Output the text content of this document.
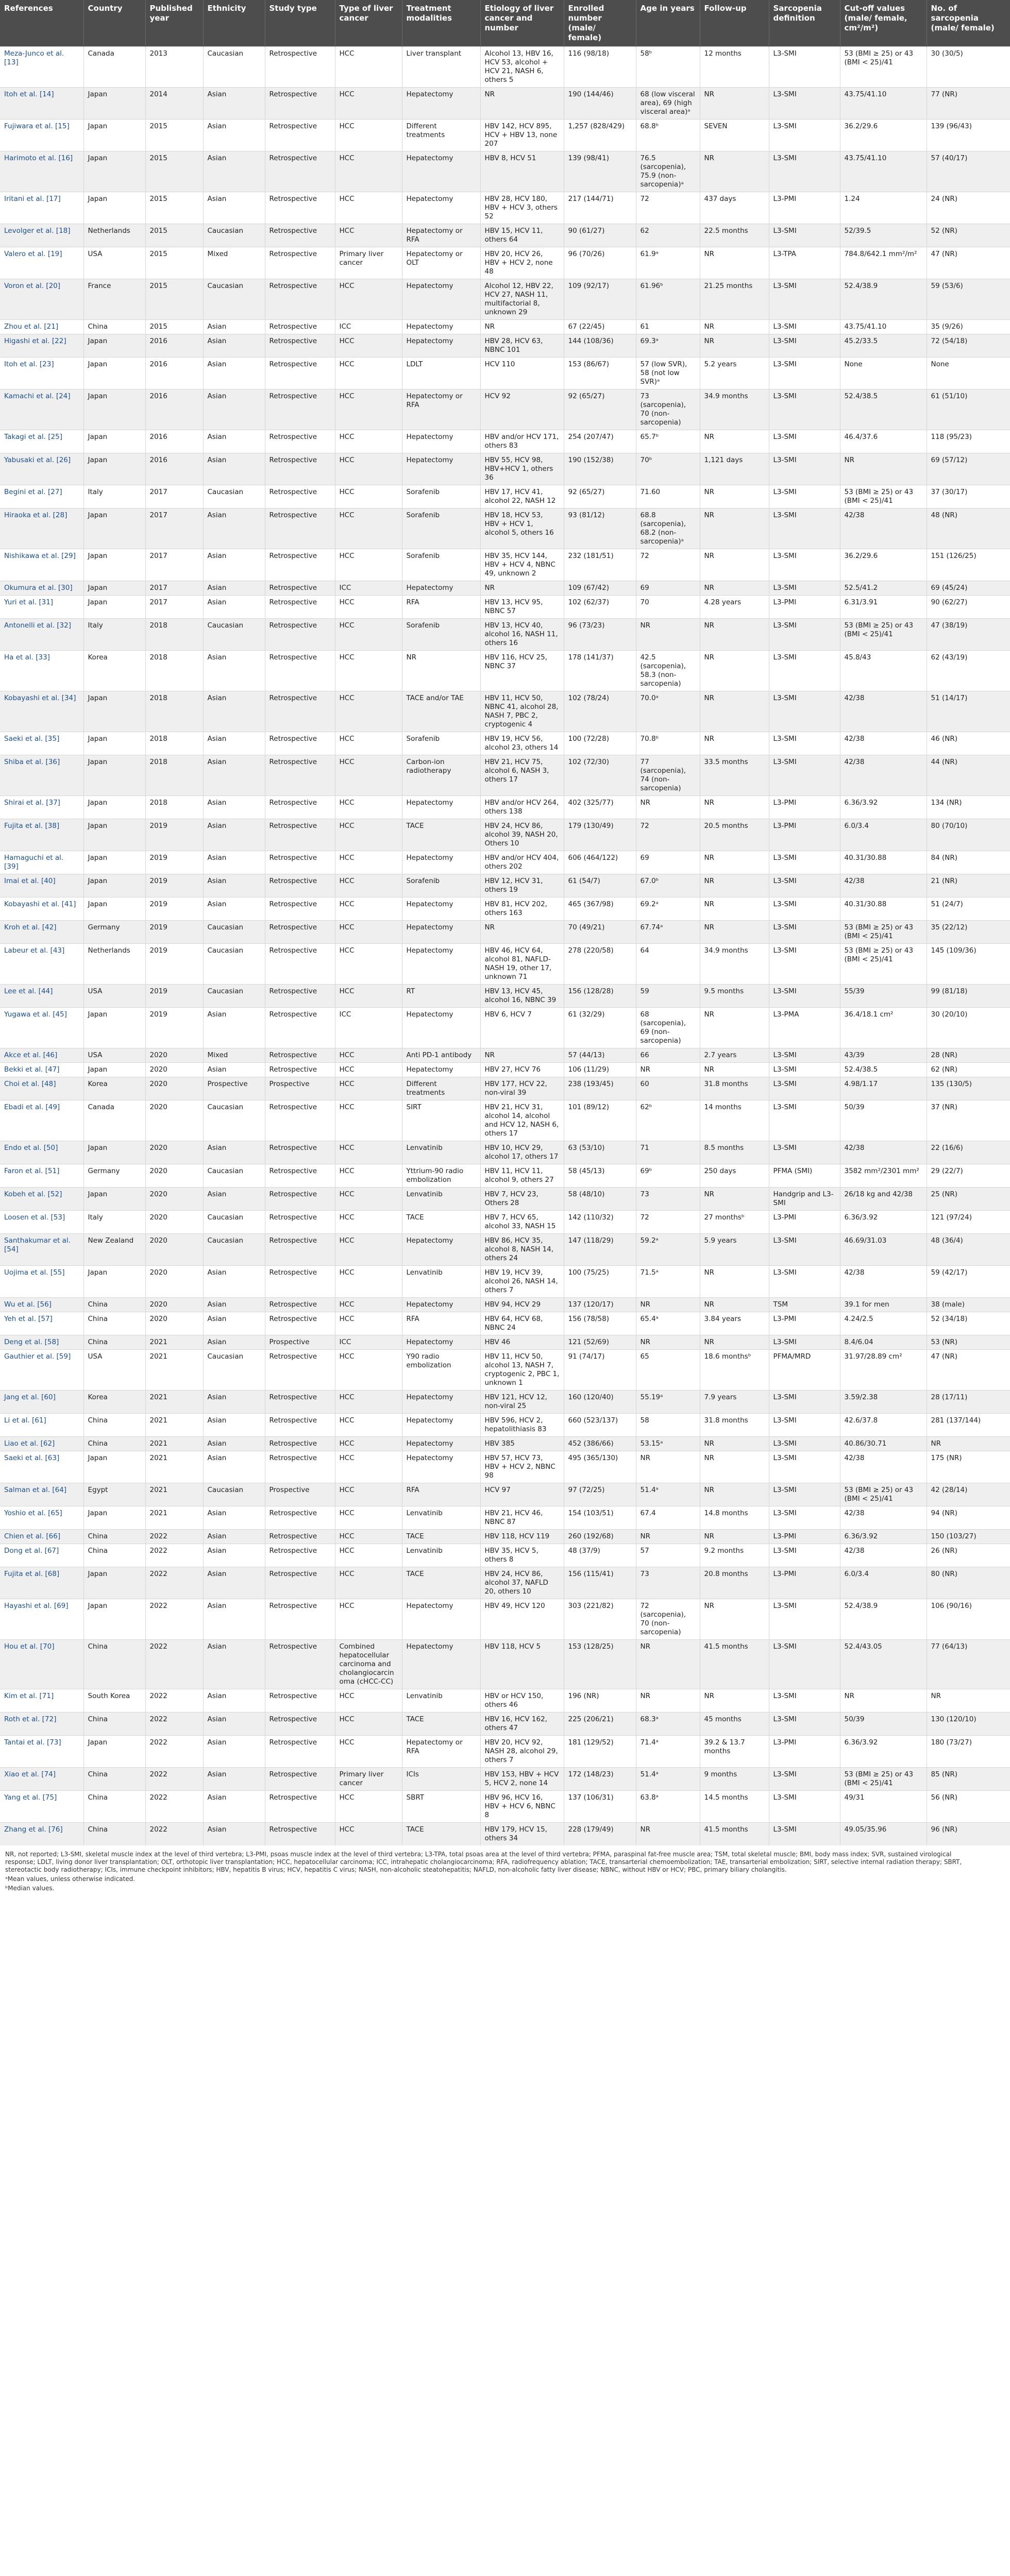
References	Country	Published year	Ethnicity	Study type	Type of liver cancer	Treatment modalities	Etiology of liver cancer and number	Enrolled number (male/ female)	Age in years	Follow-up	Sarcopenia definition	Cut-off values (male/ female, cm²/m²)	No. of sarcopenia (male/ female)
Meza-Junco et al. [13]	Canada	2013	Caucasian	Retrospective	HCC	Liver transplant	Alcohol 13, HBV 16, HCV 53, alcohol + HCV 21, NASH 6, others 5	116 (98/18)	58ᵇ	12 months	L3-SMI	53 (BMI ≥ 25) or 43 (BMI < 25)/41	30 (30/5)
Itoh et al. [14]	Japan	2014	Asian	Retrospective	HCC	Hepatectomy	NR	190 (144/46)	68 (low visceral area), 69 (high visceral area)ᵃ	NR	L3-SMI	43.75/41.10	77 (NR)
Fujiwara et al. [15]	Japan	2015	Asian	Retrospective	HCC	Different treatments	HBV 142, HCV 895, HCV + HBV 13, none 207	1,257 (828/429)	68.8ᵇ	SEVEN	L3-SMI	36.2/29.6	139 (96/43)
Harimoto et al. [16]	Japan	2015	Asian	Retrospective	HCC	Hepatectomy	HBV 8, HCV 51	139 (98/41)	76.5 (sarcopenia), 75.9 (non-sarcopenia)ᵃ	NR	L3-SMI	43.75/41.10	57 (40/17)
Iritani et al. [17]	Japan	2015	Asian	Retrospective	HCC	Hepatectomy	HBV 28, HCV 180, HBV + HCV 3, others 52	217 (144/71)	72	437 days	L3-PMI	1.24	24 (NR)
Levolger et al. [18]	Netherlands	2015	Caucasian	Retrospective	HCC	Hepatectomy or RFA	HBV 15, HCV 11, others 64	90 (61/27)	62	22.5 months	L3-SMI	52/39.5	52 (NR)
Valero et al. [19]	USA	2015	Mixed	Retrospective	Primary liver cancer	Hepatectomy or OLT	HBV 20, HCV 26, HBV + HCV 2, none 48	96 (70/26)	61.9ᵃ	NR	L3-TPA	784.8/642.1 mm²/m²	47 (NR)
Voron et al. [20]	France	2015	Caucasian	Retrospective	HCC	Hepatectomy	Alcohol 12, HBV 22, HCV 27, NASH 11, multifactorial 8, unknown 29	109 (92/17)	61.96ᵇ	21.25 months	L3-SMI	52.4/38.9	59 (53/6)
Zhou et al. [21]	China	2015	Asian	Retrospective	ICC	Hepatectomy	NR	67 (22/45)	61	NR	L3-SMI	43.75/41.10	35 (9/26)
Higashi et al. [22]	Japan	2016	Asian	Retrospective	HCC	Hepatectomy	HBV 28, HCV 63, NBNC 101	144 (108/36)	69.3ᵃ	NR	L3-SMI	45.2/33.5	72 (54/18)
Itoh et al. [23]	Japan	2016	Asian	Retrospective	HCC	LDLT	HCV 110	153 (86/67)	57 (low SVR), 58 (not low SVR)ᵃ	5.2 years	L3-SMI	None	None
Kamachi et al. [24]	Japan	2016	Asian	Retrospective	HCC	Hepatectomy or RFA	HCV 92	92 (65/27)	73 (sarcopenia), 70 (non-sarcopenia)	34.9 months	L3-SMI	52.4/38.5	61 (51/10)
Takagi et al. [25]	Japan	2016	Asian	Retrospective	HCC	Hepatectomy	HBV and/or HCV 171, others 83	254 (207/47)	65.7ᵇ	NR	L3-SMI	46.4/37.6	118 (95/23)
Yabusaki et al. [26]	Japan	2016	Asian	Retrospective	HCC	Hepatectomy	HBV 55, HCV 98, HBV+HCV 1, others 36	190 (152/38)	70ᵇ	1,121 days	L3-SMI	NR	69 (57/12)
Begini et al. [27]	Italy	2017	Caucasian	Retrospective	HCC	Sorafenib	HBV 17, HCV 41, alcohol 22, NASH 12	92 (65/27)	71.60	NR	L3-SMI	53 (BMI ≥ 25) or 43 (BMI < 25)/41	37 (30/17)
Hiraoka et al. [28]	Japan	2017	Asian	Retrospective	HCC	Sorafenib	HBV 18, HCV 53, HBV + HCV 1, alcohol 5, others 16	93 (81/12)	68.8 (sarcopenia), 68.2 (non-sarcopenia)ᵃ	NR	L3-SMI	42/38	48 (NR)
Nishikawa et al. [29]	Japan	2017	Asian	Retrospective	HCC	Sorafenib	HBV 35, HCV 144, HBV + HCV 4, NBNC 49, unknown 2	232 (181/51)	72	NR	L3-SMI	36.2/29.6	151 (126/25)
Okumura et al. [30]	Japan	2017	Asian	Retrospective	ICC	Hepatectomy	NR	109 (67/42)	69	NR	L3-SMI	52.5/41.2	69 (45/24)
Yuri et al. [31]	Japan	2017	Asian	Retrospective	HCC	RFA	HBV 13, HCV 95, NBNC 57	102 (62/37)	70	4.28 years	L3-PMI	6.31/3.91	90 (62/27)
Antonelli et al. [32]	Italy	2018	Caucasian	Retrospective	HCC	Sorafenib	HBV 13, HCV 40, alcohol 16, NASH 11, others 16	96 (73/23)	NR	NR	L3-SMI	53 (BMI ≥ 25) or 43 (BMI < 25)/41	47 (38/19)
Ha et al. [33]	Korea	2018	Asian	Retrospective	HCC	NR	HBV 116, HCV 25, NBNC 37	178 (141/37)	42.5 (sarcopenia), 58.3 (non-sarcopenia)	NR	L3-SMI	45.8/43	62 (43/19)
Kobayashi et al. [34]	Japan	2018	Asian	Retrospective	HCC	TACE and/or TAE	HBV 11, HCV 50, NBNC 41, alcohol 28, NASH 7, PBC 2, cryptogenic 4	102 (78/24)	70.0ᵃ	NR	L3-SMI	42/38	51 (14/17)
Saeki et al. [35]	Japan	2018	Asian	Retrospective	HCC	Sorafenib	HBV 19, HCV 56, alcohol 23, others 14	100 (72/28)	70.8ᵇ	NR	L3-SMI	42/38	46 (NR)
Shiba et al. [36]	Japan	2018	Asian	Retrospective	HCC	Carbon-ion radiotherapy	HBV 21, HCV 75, alcohol 6, NASH 3, others 17	102 (72/30)	77 (sarcopenia), 74 (non-sarcopenia)	33.5 months	L3-SMI	42/38	44 (NR)
Shirai et al. [37]	Japan	2018	Asian	Retrospective	HCC	Hepatectomy	HBV and/or HCV 264, others 138	402 (325/77)	NR	NR	L3-PMI	6.36/3.92	134 (NR)
Fujita et al. [38]	Japan	2019	Asian	Retrospective	HCC	TACE	HBV 24, HCV 86, alcohol 39, NASH 20, Others 10	179 (130/49)	72	20.5 months	L3-PMI	6.0/3.4	80 (70/10)
Hamaguchi et al. [39]	Japan	2019	Asian	Retrospective	HCC	Hepatectomy	HBV and/or HCV 404, others 202	606 (464/122)	69	NR	L3-SMI	40.31/30.88	84 (NR)
Imai et al. [40]	Japan	2019	Asian	Retrospective	HCC	Sorafenib	HBV 12, HCV 31, others 19	61 (54/7)	67.0ᵇ	NR	L3-SMI	42/38	21 (NR)
Kobayashi et al. [41]	Japan	2019	Asian	Retrospective	HCC	Hepatectomy	HBV 81, HCV 202, others 163	465 (367/98)	69.2ᵃ	NR	L3-SMI	40.31/30.88	51 (24/7)
Kroh et al. [42]	Germany	2019	Caucasian	Retrospective	HCC	Hepatectomy	NR	70 (49/21)	67.74ᵃ	NR	L3-SMI	53 (BMI ≥ 25) or 43 (BMI < 25)/41	35 (22/12)
Labeur et al. [43]	Netherlands	2019	Caucasian	Retrospective	HCC	Hepatectomy	HBV 46, HCV 64, alcohol 81, NAFLD-NASH 19, other 17, unknown 71	278 (220/58)	64	34.9 months	L3-SMI	53 (BMI ≥ 25) or 43 (BMI < 25)/41	145 (109/36)
Lee et al. [44]	USA	2019	Caucasian	Retrospective	HCC	RT	HBV 13, HCV 45, alcohol 16, NBNC 39	156 (128/28)	59	9.5 months	L3-SMI	55/39	99 (81/18)
Yugawa et al. [45]	Japan	2019	Asian	Retrospective	ICC	Hepatectomy	HBV 6, HCV 7	61 (32/29)	68 (sarcopenia), 69 (non-sarcopenia)	NR	L3-PMA	36.4/18.1 cm²	30 (20/10)
Akce et al. [46]	USA	2020	Mixed	Retrospective	HCC	Anti PD-1 antibody	NR	57 (44/13)	66	2.7 years	L3-SMI	43/39	28 (NR)
Bekki et al. [47]	Japan	2020	Asian	Retrospective	HCC	Hepatectomy	HBV 27, HCV 76	106 (11/29)	NR	NR	L3-SMI	52.4/38.5	62 (NR)
Choi et al. [48]	Korea	2020	Prospective	Prospective	HCC	Different treatments	HBV 177, HCV 22, non-viral 39	238 (193/45)	60	31.8 months	L3-SMI	4.98/1.17	135 (130/5)
Ebadi et al. [49]	Canada	2020	Caucasian	Retrospective	HCC	SIRT	HBV 21, HCV 31, alcohol 14, alcohol and HCV 12, NASH 6, others 17	101 (89/12)	62ᵇ	14 months	L3-SMI	50/39	37 (NR)
Endo et al. [50]	Japan	2020	Asian	Retrospective	HCC	Lenvatinib	HBV 10, HCV 29, alcohol 17, others 17	63 (53/10)	71	8.5 months	L3-SMI	42/38	22 (16/6)
Faron et al. [51]	Germany	2020	Caucasian	Retrospective	HCC	Yttrium-90 radio embolization	HBV 11, HCV 11, alcohol 9, others 27	58 (45/13)	69ᵇ	250 days	PFMA (SMI)	3582 mm²/2301 mm²	29 (22/7)
Kobeh et al. [52]	Japan	2020	Asian	Retrospective	HCC	Lenvatinib	HBV 7, HCV 23, Others 28	58 (48/10)	73	NR	Handgrip and L3-SMI	26/18 kg and 42/38	25 (NR)
Loosen et al. [53]	Italy	2020	Caucasian	Retrospective	HCC	TACE	HBV 7, HCV 65, alcohol 33, NASH 15	142 (110/32)	72	27 monthsᵇ	L3-PMI	6.36/3.92	121 (97/24)
Santhakumar et al. [54]	New Zealand	2020	Caucasian	Retrospective	HCC	Hepatectomy	HBV 86, HCV 35, alcohol 8, NASH 14, others 24	147 (118/29)	59.2ᵃ	5.9 years	L3-SMI	46.69/31.03	48 (36/4)
Uojima et al. [55]	Japan	2020	Asian	Retrospective	HCC	Lenvatinib	HBV 19, HCV 39, alcohol 26, NASH 14, others 7	100 (75/25)	71.5ᵃ	NR	L3-SMI	42/38	59 (42/17)
Wu et al. [56]	China	2020	Asian	Retrospective	HCC	Hepatectomy	HBV 94, HCV 29	137 (120/17)	NR	NR	TSM	39.1 for men	38 (male)
Yeh et al. [57]	China	2020	Asian	Retrospective	HCC	RFA	HBV 64, HCV 68, NBNC 24	156 (78/58)	65.4ᵃ	3.84 years	L3-PMI	4.24/2.5	52 (34/18)
Deng et al. [58]	China	2021	Asian	Prospective	ICC	Hepatectomy	HBV 46	121 (52/69)	NR	NR	L3-SMI	8.4/6.04	53 (NR)
Gauthier et al. [59]	USA	2021	Caucasian	Retrospective	HCC	Y90 radio embolization	HBV 11, HCV 50, alcohol 13, NASH 7, cryptogenic 2, PBC 1, unknown 1	91 (74/17)	65	18.6 monthsᵇ	PFMA/MRD	31.97/28.89 cm²	47 (NR)
Jang et al. [60]	Korea	2021	Asian	Retrospective	HCC	Hepatectomy	HBV 121, HCV 12, non-viral 25	160 (120/40)	55.19ᵃ	7.9 years	L3-SMI	3.59/2.38	28 (17/11)
Li et al. [61]	China	2021	Asian	Retrospective	HCC	Hepatectomy	HBV 596, HCV 2, hepatolithiasis 83	660 (523/137)	58	31.8 months	L3-SMI	42.6/37.8	281 (137/144)
Liao et al. [62]	China	2021	Asian	Retrospective	HCC	Hepatectomy	HBV 385	452 (386/66)	53.15ᵃ	NR	L3-SMI	40.86/30.71	NR
Saeki et al. [63]	Japan	2021	Asian	Retrospective	HCC	Hepatectomy	HBV 57, HCV 73, HBV + HCV 2, NBNC 98	495 (365/130)	NR	NR	L3-SMI	42/38	175 (NR)
Salman et al. [64]	Egypt	2021	Caucasian	Prospective	HCC	RFA	HCV 97	97 (72/25)	51.4ᵃ	NR	L3-SMI	53 (BMI ≥ 25) or 43 (BMI < 25)/41	42 (28/14)
Yoshio et al. [65]	Japan	2021	Asian	Retrospective	HCC	Lenvatinib	HBV 21, HCV 46, NBNC 87	154 (103/51)	67.4	14.8 months	L3-SMI	42/38	94 (NR)
Chien et al. [66]	China	2022	Asian	Retrospective	HCC	TACE	HBV 118, HCV 119	260 (192/68)	NR	NR	L3-PMI	6.36/3.92	150 (103/27)
Dong et al. [67]	China	2022	Asian	Retrospective	HCC	Lenvatinib	HBV 35, HCV 5, others 8	48 (37/9)	57	9.2 months	L3-SMI	42/38	26 (NR)
Fujita et al. [68]	Japan	2022	Asian	Retrospective	HCC	TACE	HBV 24, HCV 86, alcohol 37, NAFLD 20, others 10	156 (115/41)	73	20.8 months	L3-PMI	6.0/3.4	80 (NR)
Hayashi et al. [69]	Japan	2022	Asian	Retrospective	HCC	Hepatectomy	HBV 49, HCV 120	303 (221/82)	72 (sarcopenia), 70 (non-sarcopenia)	NR	L3-SMI	52.4/38.9	106 (90/16)
Hou et al. [70]	China	2022	Asian	Retrospective	Combined hepatocellular carcinoma and cholangiocarcinoma (cHCC-CC)	Hepatectomy	HBV 118, HCV 5	153 (128/25)	NR	41.5 months	L3-SMI	52.4/43.05	77 (64/13)
Kim et al. [71]	South Korea	2022	Asian	Retrospective	HCC	Lenvatinib	HBV or HCV 150, others 46	196 (NR)	NR	NR	L3-SMI	NR	NR
Roth et al. [72]	China	2022	Asian	Retrospective	HCC	TACE	HBV 16, HCV 162, others 47	225 (206/21)	68.3ᵃ	45 months	L3-SMI	50/39	130 (120/10)
Tantai et al. [73]	Japan	2022	Asian	Retrospective	HCC	Hepatectomy or RFA	HBV 20, HCV 92, NASH 28, alcohol 29, others 7	181 (129/52)	71.4ᵃ	39.2 & 13.7 months	L3-PMI	6.36/3.92	180 (73/27)
Xiao et al. [74]	China	2022	Asian	Retrospective	Primary liver cancer	ICIs	HBV 153, HBV + HCV 5, HCV 2, none 14	172 (148/23)	51.4ᵃ	9 months	L3-SMI	53 (BMI ≥ 25) or 43 (BMI < 25)/41	85 (NR)
Yang et al. [75]	China	2022	Asian	Retrospective	HCC	SBRT	HBV 96, HCV 16, HBV + HCV 6, NBNC 8	137 (106/31)	63.8ᵃ	14.5 months	L3-SMI	49/31	56 (NR)
Zhang et al. [76]	China	2022	Asian	Retrospective	HCC	TACE	HBV 179, HCV 15, others 34	228 (179/49)	NR	41.5 months	L3-SMI	49.05/35.96	96 (NR)

NR, not reported; L3-SMI, skeletal muscle index at the level of third vertebra; L3-PMI, psoas muscle index at the level of third vertebra; L3-TPA, total psoas area at the level of third vertebra; PFMA, paraspinal fat-free muscle area; TSM, total skeletal muscle; BMI, body mass index; SVR, sustained virological response; LDLT, living donor liver transplantation; OLT, orthotopic liver transplantation; HCC, hepatocellular carcinoma; ICC, intrahepatic cholangiocarcinoma; RFA, radiofrequency ablation; TACE, transarterial chemoembolization; TAE, transarterial embolization; SIRT, selective internal radiation therapy; SBRT, stereotactic body radiotherapy; ICIs, immune checkpoint inhibitors; HBV, hepatitis B virus; HCV, hepatitis C virus; NASH, non-alcoholic steatohepatitis; NAFLD, non-alcoholic fatty liver disease; NBNC, without HBV or HCV; PBC, primary biliary cholangitis.

ᵃMean values, unless otherwise indicated.

ᵇMedian values.
